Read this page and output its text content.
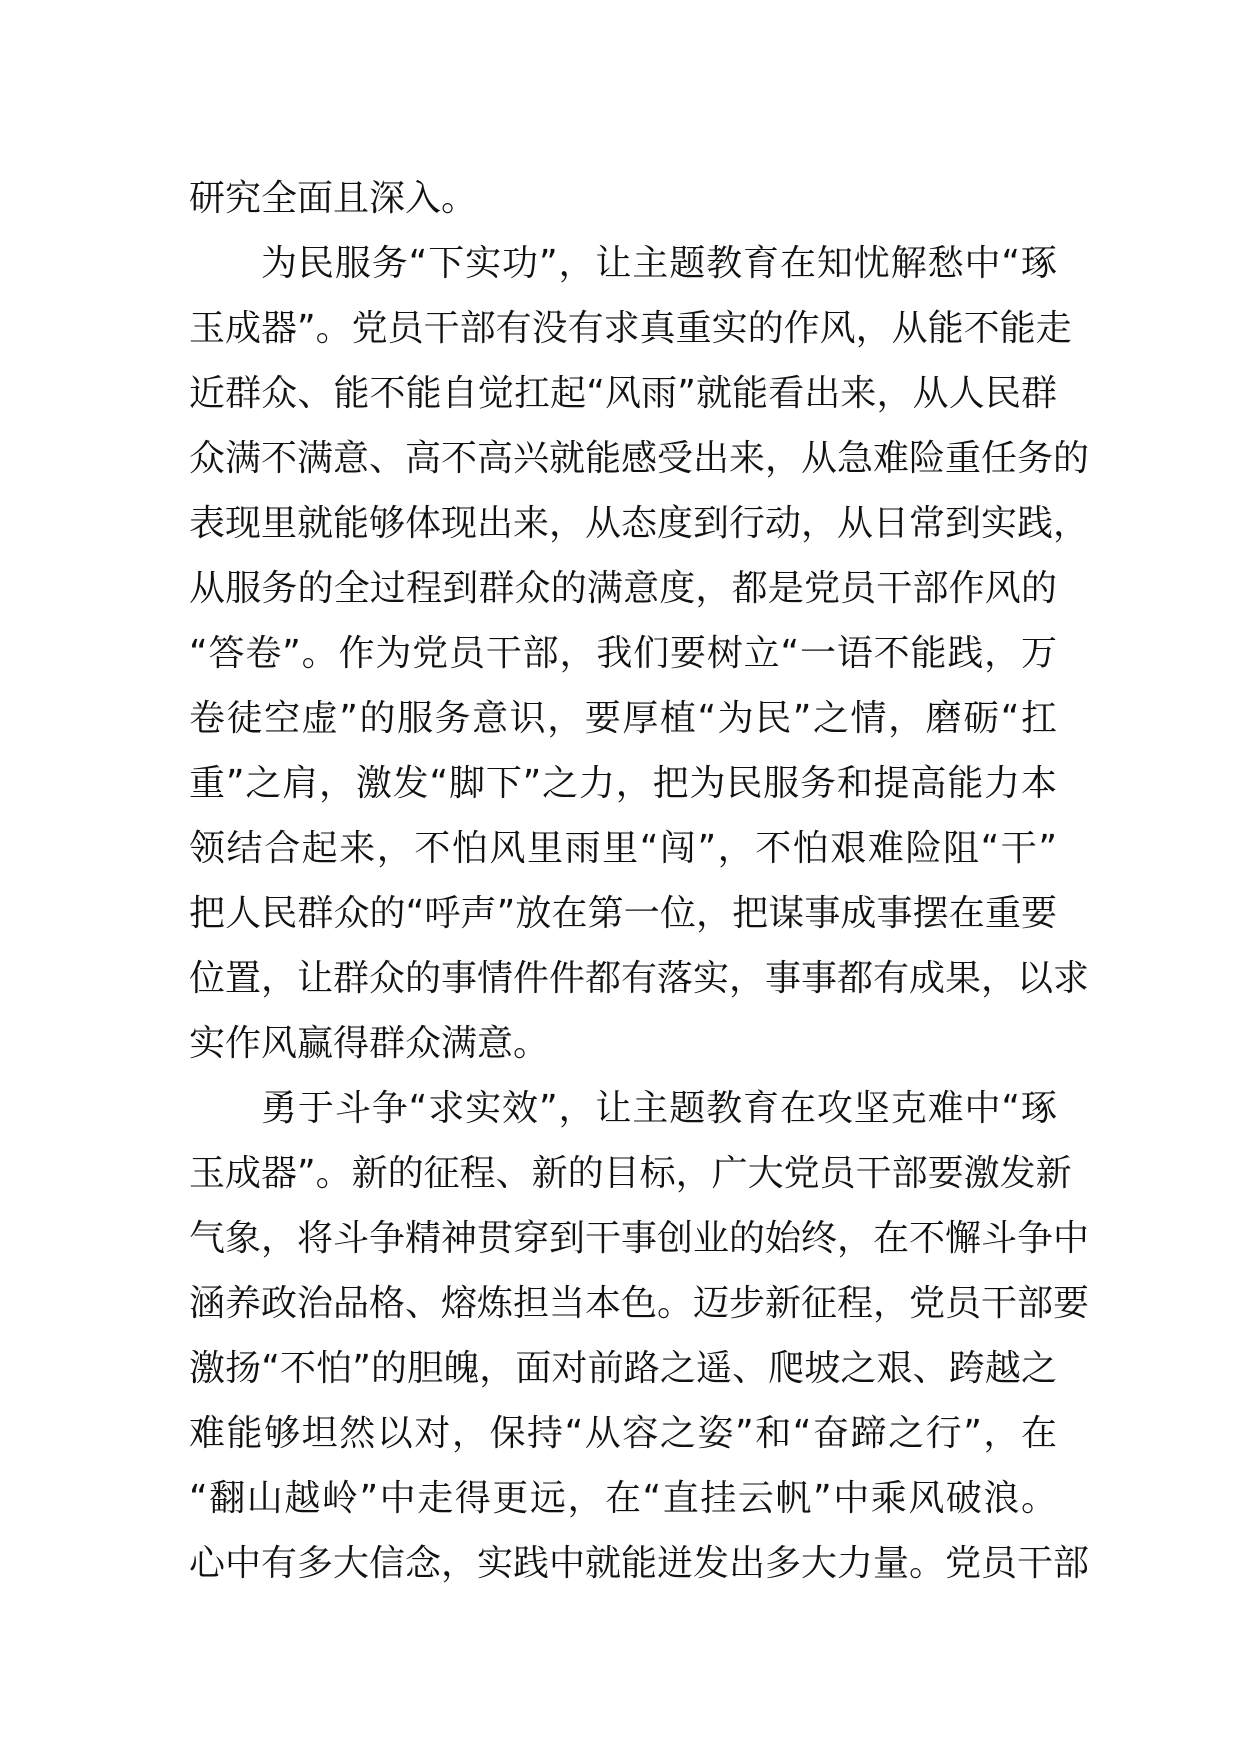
研究全面且深入。
为民服务“下实功”，让主题教育在知忧解愁中“琢
玉成器”。党员干部有没有求真重实的作风，从能不能走
近群众、能不能自觉扛起“风雨”就能看出来，从人民群
众满不满意、高不高兴就能感受出来，从急难险重任务的
表现里就能够体现出来，从态度到行动，从日常到实践，
从服务的全过程到群众的满意度，都是党员干部作风的
“答卷”。作为党员干部，我们要树立“一语不能践，万
卷徒空虚”的服务意识，要厚植“为民”之情，磨砺“扛
重”之肩，激发“脚下”之力，把为民服务和提高能力本
领结合起来，不怕风里雨里“闯”，不怕艰难险阻“干”
把人民群众的“呼声”放在第一位，把谋事成事摆在重要
位置，让群众的事情件件都有落实，事事都有成果，以求
实作风赢得群众满意。
勇于斗争“求实效”，让主题教育在攻坚克难中“琢
玉成器”。新的征程、新的目标，广大党员干部要激发新
气象，将斗争精神贯穿到干事创业的始终，在不懈斗争中
涵养政治品格、熔炼担当本色。迈步新征程，党员干部要
激扬“不怕”的胆魄，面对前路之遥、爬坡之艰、跨越之
难能够坦然以对，保持“从容之姿”和“奋蹄之行”，在
“翻山越岭”中走得更远，在“直挂云帆”中乘风破浪。
心中有多大信念，实践中就能迸发出多大力量。党员干部
